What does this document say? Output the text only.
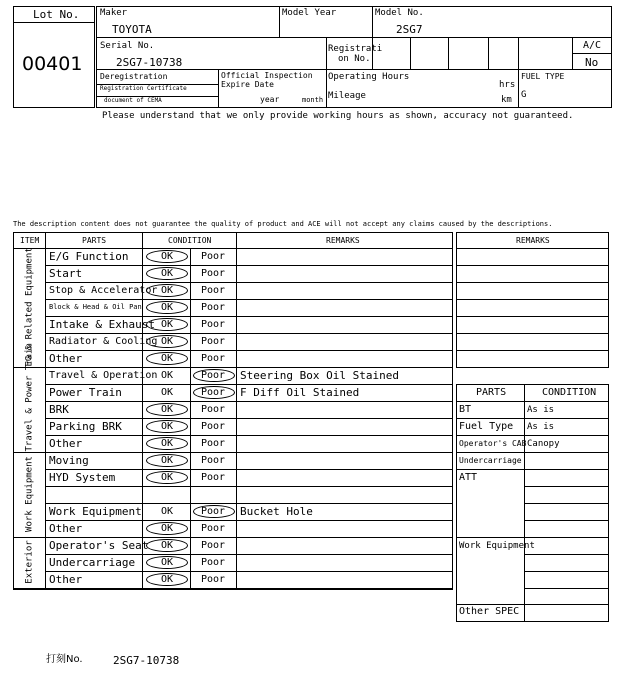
Lot No.
00401
Maker
TOYOTA
Model Year	Model No.
2SG7
Serial No.
2SG7-10738
Registrati
on No.
A/C
No
Deregistration
Registration Certificate
document of CEMA
Official Inspection
Expire Date
year	month
Operating Hours
hrs
Mileage	km
FUEL TYPE
G
Please understand that we only provide working hours as shown, accuracy not guaranteed.
The description content does not guarantee the quality of product and ACE will not accept any claims caused by the descriptions.
ITEM	PARTS	CONDITION	REMARKS
E/G Function	OK	Poor
Start	OK	Poor
Stop & Accelerator OK	Poor
Block & Head & Oil Pan	OK	Poor
Intake & Exhaust OK	Poor
Radiator & Cooling OK	Poor
Other	OK	Poor
EG & Related Equipment
Travel & Operation OK	Poor	Steering Box Oil Stained
Power Train	OK	Poor	F Diff Oil Stained
BRK	OK	Poor
Parking BRK	OK	Poor
Other	OK	Poor
Travel & Power Train
Moving	OK	Poor
HYD System	OK	Poor
Work Equipment	OK	Poor	Bucket Hole
Other	OK	Poor
Work Equipment
Operator's Seat	OK	Poor
Undercarriage	OK	Poor
Other	OK	Poor
Exterior
REMARKS
PARTS	CONDITION
BT	As is
Fuel Type As is
Operator's CAB Canopy
Undercarriage
ATT
Work Equipment
Other SPEC
打刻No.	2SG7-10738
